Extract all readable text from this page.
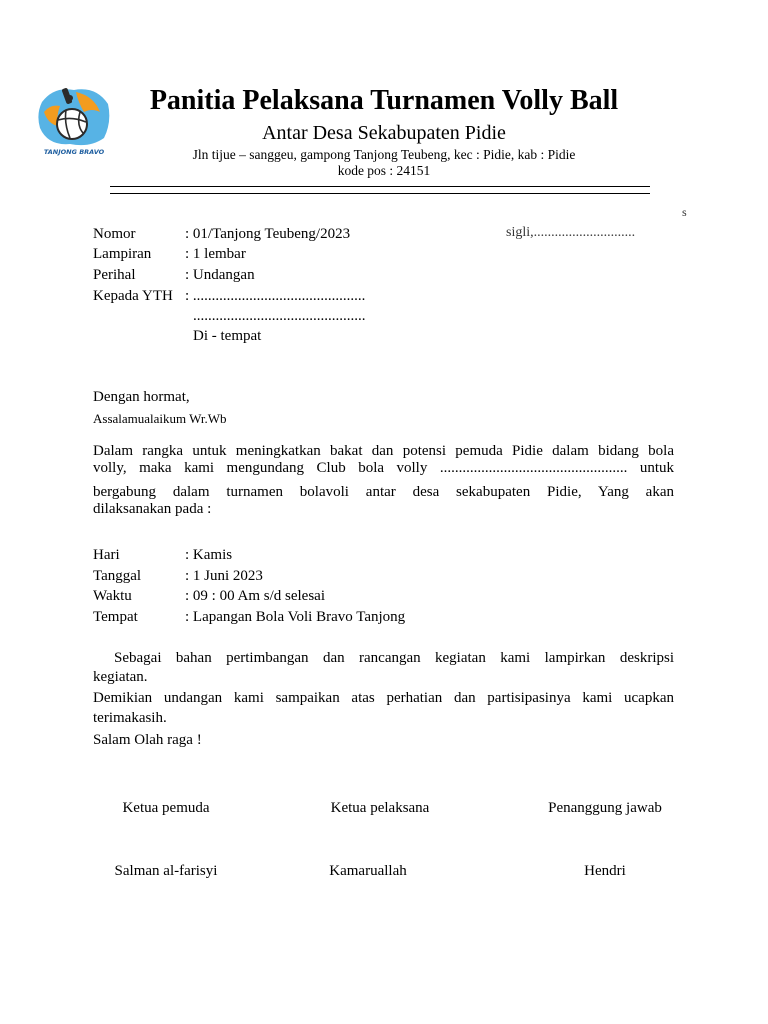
TANJONG BRAVO
Panitia Pelaksana Turnamen Volly Ball
Antar Desa Sekabupaten Pidie
Jln tijue – sanggeu, gampong Tanjong Teubeng, kec : Pidie, kab : Pidie
kode pos : 24151
s
sigli,.............................
Nomor	: 01/Tanjong Teubeng/2023
Lampiran : 1 lembar
Perihal	: Undangan
Kepada YTH : ..............................................
..............................................
Di - tempat
Dengan hormat,
Assalamualaikum Wr.Wb
Dalam rangka untuk meningkatkan bakat dan potensi pemuda Pidie dalam bidang bola
volly, maka kami mengundang Club bola volly .................................................. untuk
bergabung dalam turnamen bolavoli antar desa sekabupaten Pidie, Yang akan
dilaksanakan pada :
Hari	: Kamis
Tanggal	: 1 Juni 2023
Waktu	: 09 : 00 Am s/d selesai
Tempat	: Lapangan Bola Voli Bravo Tanjong
Sebagai bahan pertimbangan dan rancangan kegiatan kami lampirkan deskripsi
kegiatan.
Demikian undangan kami sampaikan atas perhatian dan partisipasinya kami ucapkan
terimakasih.
Salam Olah raga !
Ketua pemuda	Ketua pelaksana	Penanggung jawab
Salman al-farisyi	Kamaruallah	Hendri
